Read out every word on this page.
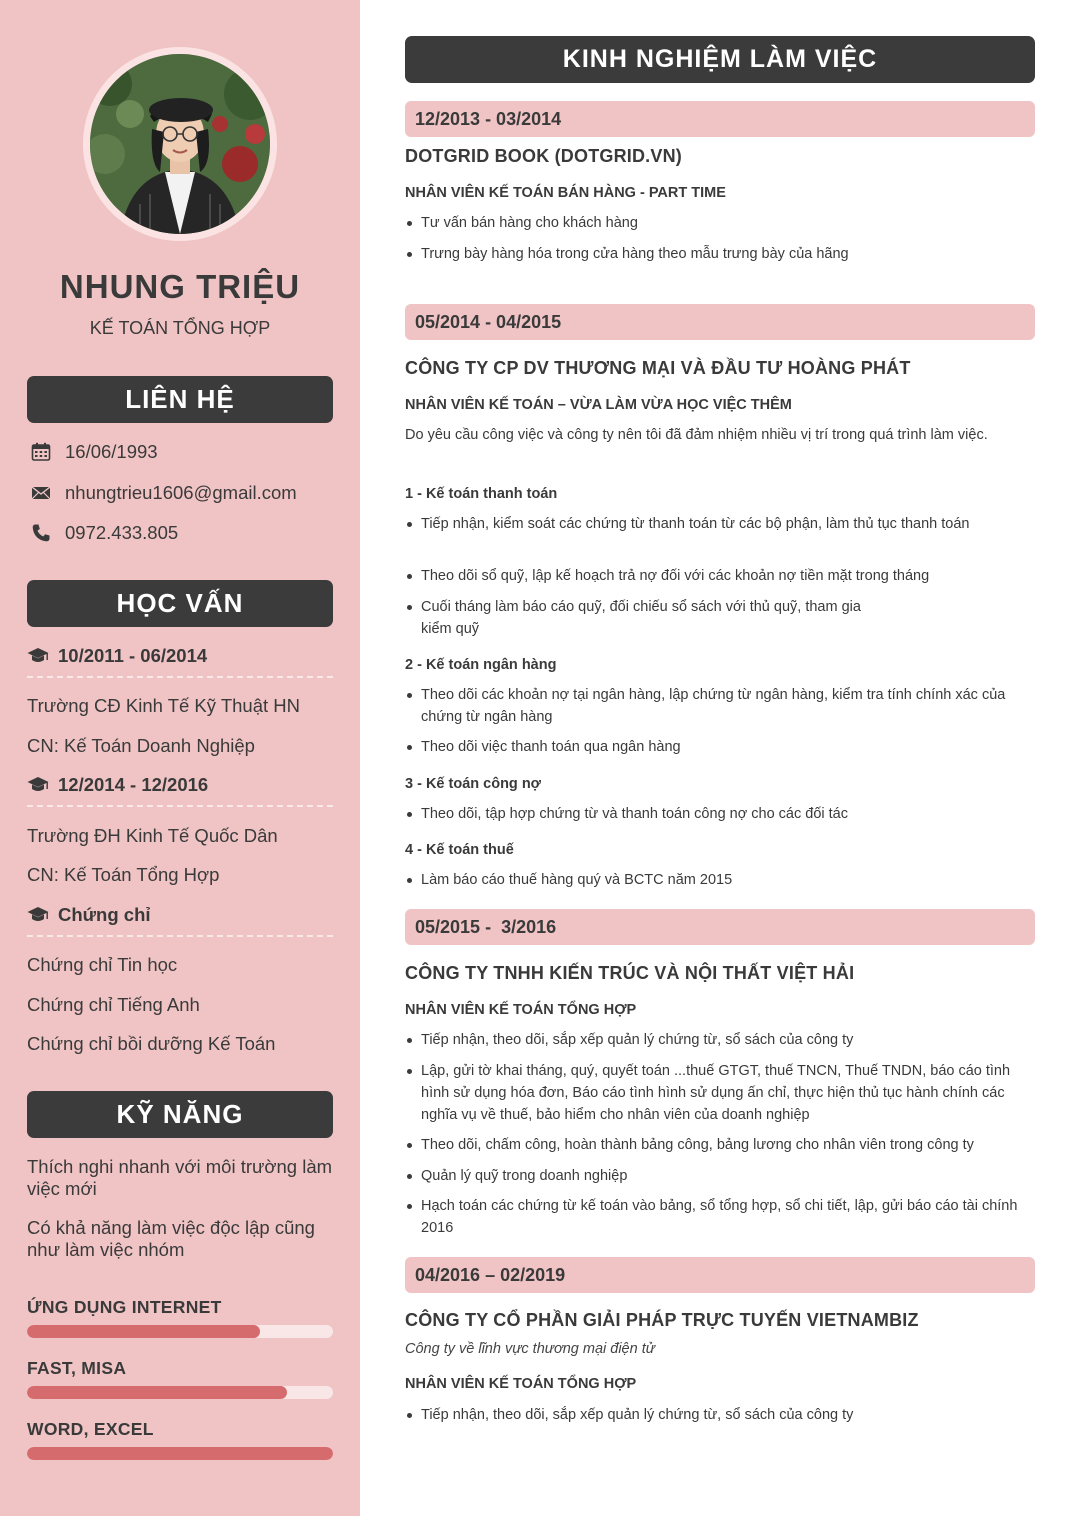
NHUNG TRIỆU
KẾ TOÁN TỔNG HỢP
LIÊN HỆ
16/06/1993
nhungtrieu1606@gmail.com
0972.433.805
HỌC VẤN
10/2011 - 06/2014
Trường CĐ Kinh Tế Kỹ Thuật HN
CN: Kế Toán Doanh Nghiệp
12/2014 - 12/2016
Trường ĐH Kinh Tế Quốc Dân
CN: Kế Toán Tổng Hợp
Chứng chỉ
Chứng chỉ Tin học
Chứng chỉ Tiếng Anh
Chứng chỉ bồi dưỡng Kế Toán
KỸ NĂNG
Thích nghi nhanh với môi trường làm việc mới
Có khả năng làm việc độc lập cũng như làm việc nhóm
ỨNG DỤNG INTERNET
FAST, MISA
WORD, EXCEL
KINH NGHIỆM LÀM VIỆC
12/2013 - 03/2014
DOTGRID BOOK (DOTGRID.VN)
NHÂN VIÊN KẾ TOÁN BÁN HÀNG - PART TIME
Tư vấn bán hàng cho khách hàng
Trưng bày hàng hóa trong cửa hàng theo mẫu trưng bày của hãng
05/2014 - 04/2015
CÔNG TY CP DV THƯƠNG MẠI VÀ ĐẦU TƯ HOÀNG PHÁT
NHÂN VIÊN KẾ TOÁN – VỪA LÀM VỪA HỌC VIỆC THÊM
Do yêu cầu công việc và công ty nên tôi đã đảm nhiệm nhiều vị trí trong quá trình làm việc.
1 - Kế toán thanh toán
Tiếp nhận, kiểm soát các chứng từ thanh toán từ các bộ phận, làm thủ tục thanh toán
Theo dõi sổ quỹ, lập kế hoạch trả nợ đối với các khoản nợ tiền mặt trong tháng
Cuối tháng làm báo cáo quỹ, đối chiếu sổ sách với thủ quỹ, tham gia kiểm quỹ
2 - Kế toán ngân hàng
Theo dõi các khoản nợ tại ngân hàng, lập chứng từ ngân hàng, kiểm tra tính chính xác của chứng từ ngân hàng
Theo dõi việc thanh toán qua ngân hàng
3 - Kế toán công nợ
Theo dõi, tập hợp chứng từ và thanh toán công nợ cho các đối tác
4 - Kế toán thuế
Làm báo cáo thuế hàng quý và BCTC năm 2015
05/2015 -  3/2016
CÔNG TY TNHH KIẾN TRÚC VÀ NỘI THẤT VIỆT HẢI
NHÂN VIÊN KẾ TOÁN TỔNG HỢP
Tiếp nhận, theo dõi, sắp xếp quản lý chứng từ, sổ sách của công ty
Lập, gửi tờ khai tháng, quý, quyết toán ...thuế GTGT, thuế TNCN, Thuế TNDN, báo cáo tình hình sử dụng hóa đơn, Báo cáo tình hình sử dụng ấn chỉ, thực hiện thủ tục hành chính các nghĩa vụ về thuế, bảo hiểm cho nhân viên của doanh nghiệp
Theo dõi, chấm công, hoàn thành bảng công, bảng lương cho nhân viên trong công ty
Quản lý quỹ trong doanh nghiệp
Hạch toán các chứng từ kế toán vào bảng, sổ tổng hợp, sổ chi tiết, lập, gửi báo cáo tài chính 2016
04/2016 – 02/2019
CÔNG TY CỔ PHẦN GIẢI PHÁP TRỰC TUYẾN VIETNAMBIZ
Công ty về lĩnh vực thương mại điện tử
NHÂN VIÊN KẾ TOÁN TỔNG HỢP
Tiếp nhận, theo dõi, sắp xếp quản lý chứng từ, sổ sách của công ty
